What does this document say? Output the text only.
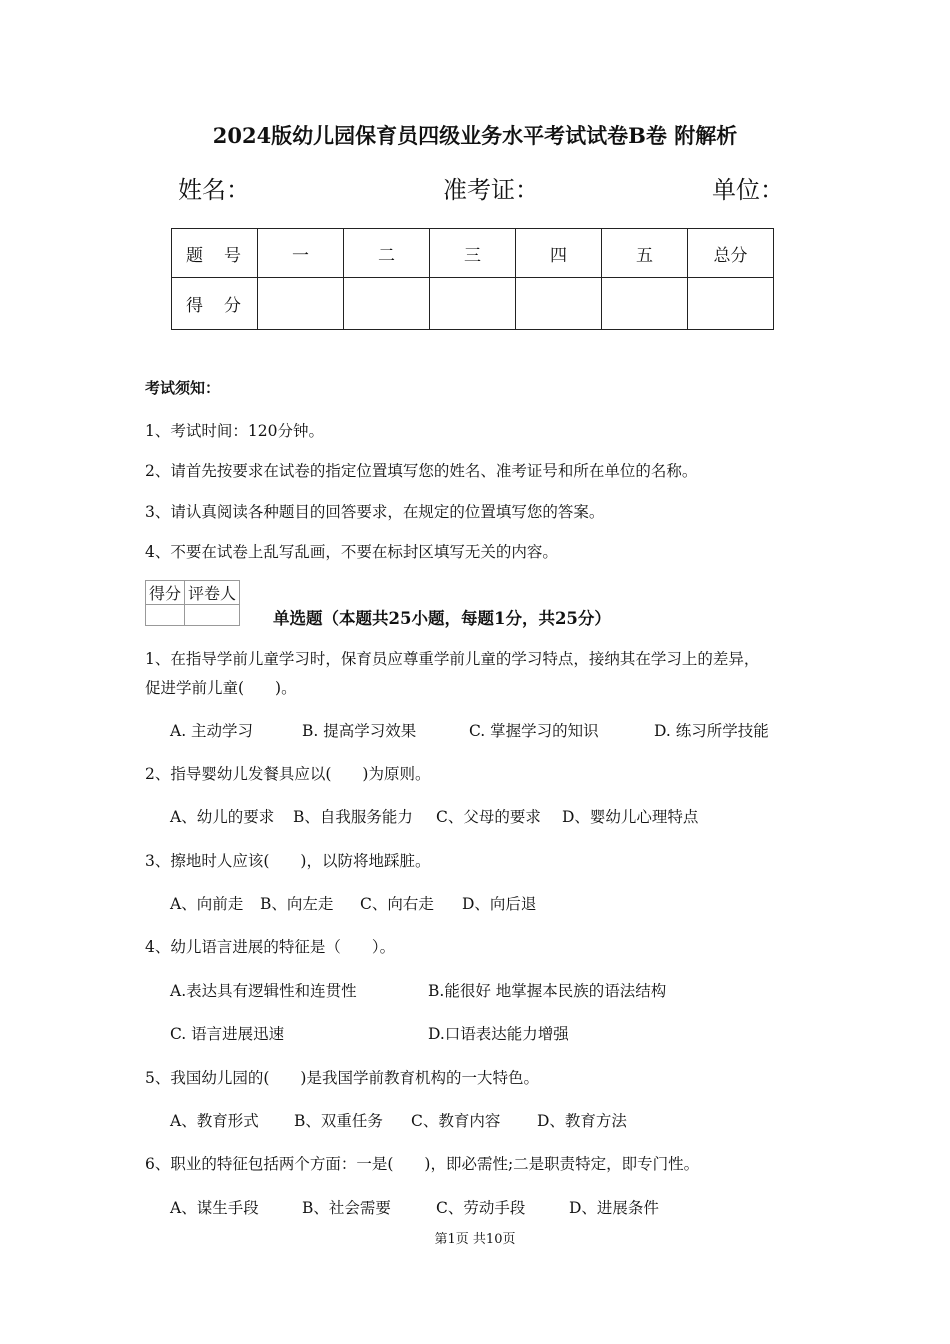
2024版幼儿园保育员四级业务水平考试试卷B卷 附解析
姓名：	准考证：	单位：
题　号	一	二	三	四	五	总分
得　分						
考试须知：
1、考试时间：120分钟。
2、请首先按要求在试卷的指定位置填写您的姓名、准考证号和所在单位的名称。
3、请认真阅读各种题目的回答要求，在规定的位置填写您的答案。
4、不要在试卷上乱写乱画，不要在标封区填写无关的内容。
得分	评卷人

单选题（本题共25小题，每题1分，共25分）
1、在指导学前儿童学习时，保育员应尊重学前儿童的学习特点，接纳其在学习上的差异，
促进学前儿童(　　)。
A. 主动学习	B. 提高学习效果	C. 掌握学习的知识	D. 练习所学技能
2、指导婴幼儿发餐具应以(　　)为原则。
A、幼儿的要求 B、自我服务能力 C、父母的要求 D、婴幼儿心理特点
3、擦地时人应该(　　)，以防将地踩脏。
A、向前走 B、向左走 C、向右走 D、向后退
4、幼儿语言进展的特征是（　　）。
A.表达具有逻辑性和连贯性	B.能很好 地掌握本民族的语法结构
C. 语言进展迅速	D.口语表达能力增强
5、我国幼儿园的(　　)是我国学前教育机构的一大特色。
A、教育形式 B、双重任务 C、教育内容 D、教育方法
6、职业的特征包括两个方面：一是(　　)，即必需性;二是职责特定，即专门性。
A、谋生手段	B、社会需要	C、劳动手段	D、进展条件
第1页 共10页
